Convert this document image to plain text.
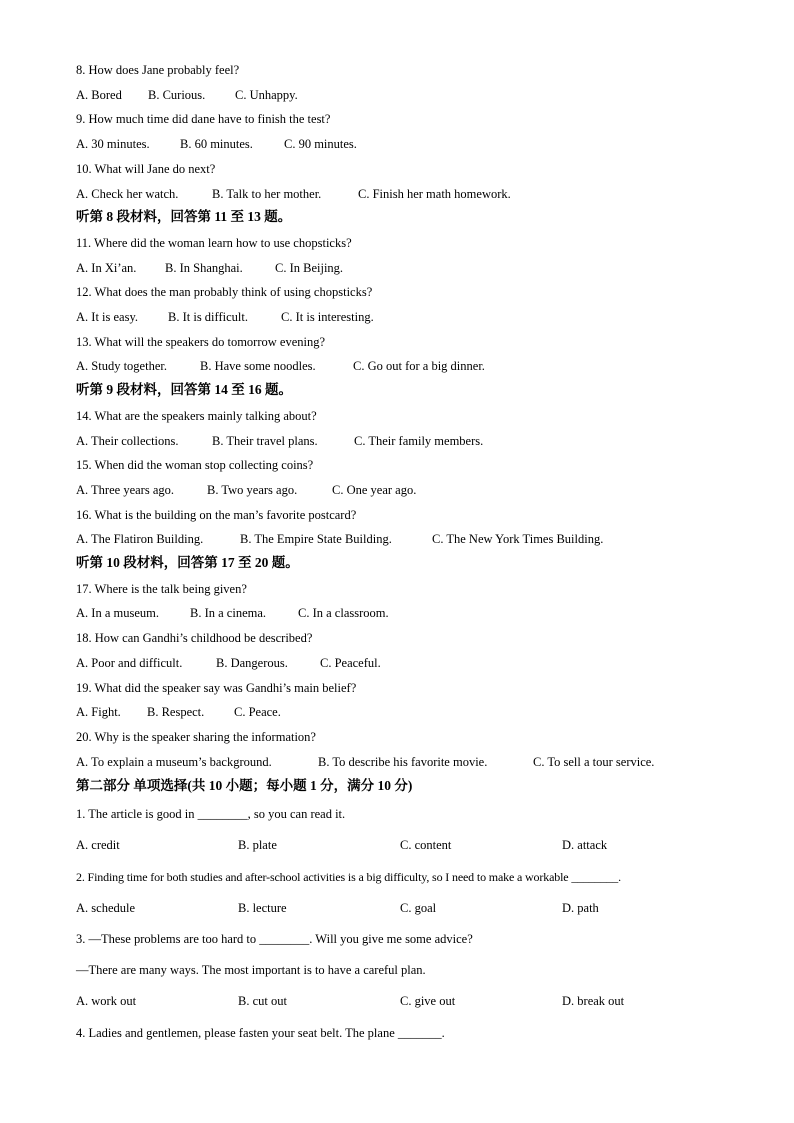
8. How does Jane probably feel?
A. Bored B. Curious. C. Unhappy.
9. How much time did dane have to finish the test?
A. 30 minutes. B. 60 minutes. C. 90 minutes.
10. What will Jane do next?
A. Check her watch.	B. Talk to her mother.	C. Finish her math homework.
听第 8 段材料，回答第 11 至 13 题。
11. Where did the woman learn how to use chopsticks?
A. In Xi’an. B. In Shanghai.	C. In Beijing.
12. What does the man probably think of using chopsticks?
A. It is easy. B. It is difficult.	C. It is interesting.
13. What will the speakers do tomorrow evening?
A. Study together.	B. Have some noodles.	C. Go out for a big dinner.
听第 9 段材料，回答第 14 至 16 题。
14. What are the speakers mainly talking about?
A. Their collections.	B. Their travel plans.	C. Their family members.
15. When did the woman stop collecting coins?
A. Three years ago.	B. Two years ago.	C. One year ago.
16. What is the building on the man’s favorite postcard?
A. The Flatiron Building.	B. The Empire State Building.	C. The New York Times Building.
听第 10 段材料，回答第 17 至 20 题。
17. Where is the talk being given?
A. In a museum. B. In a cinema.	C. In a classroom.
18. How can Gandhi’s childhood be described?
A. Poor and difficult.	B. Dangerous.	C. Peaceful.
19. What did the speaker say was Gandhi’s main belief?
A. Fight. B. Respect. C. Peace.
20. Why is the speaker sharing the information?
A. To explain a museum’s background.	B. To describe his favorite movie.	C. To sell a tour service.
第二部分 单项选择(共 10 小题；每小题 1 分，满分 10 分)
1. The article is good in ________, so you can read it.
A. credit	B. plate	C. content	D. attack
2. Finding time for both studies and after-school activities is a big difficulty, so I need to make a workable ________.
A. schedule	B. lecture	C. goal	D. path
3. —These problems are too hard to ________. Will you give me some advice?
—There are many ways. The most important is to have a careful plan.
A. work out	B. cut out	C. give out	D. break out
4. Ladies and gentlemen, please fasten your seat belt. The plane _______.
